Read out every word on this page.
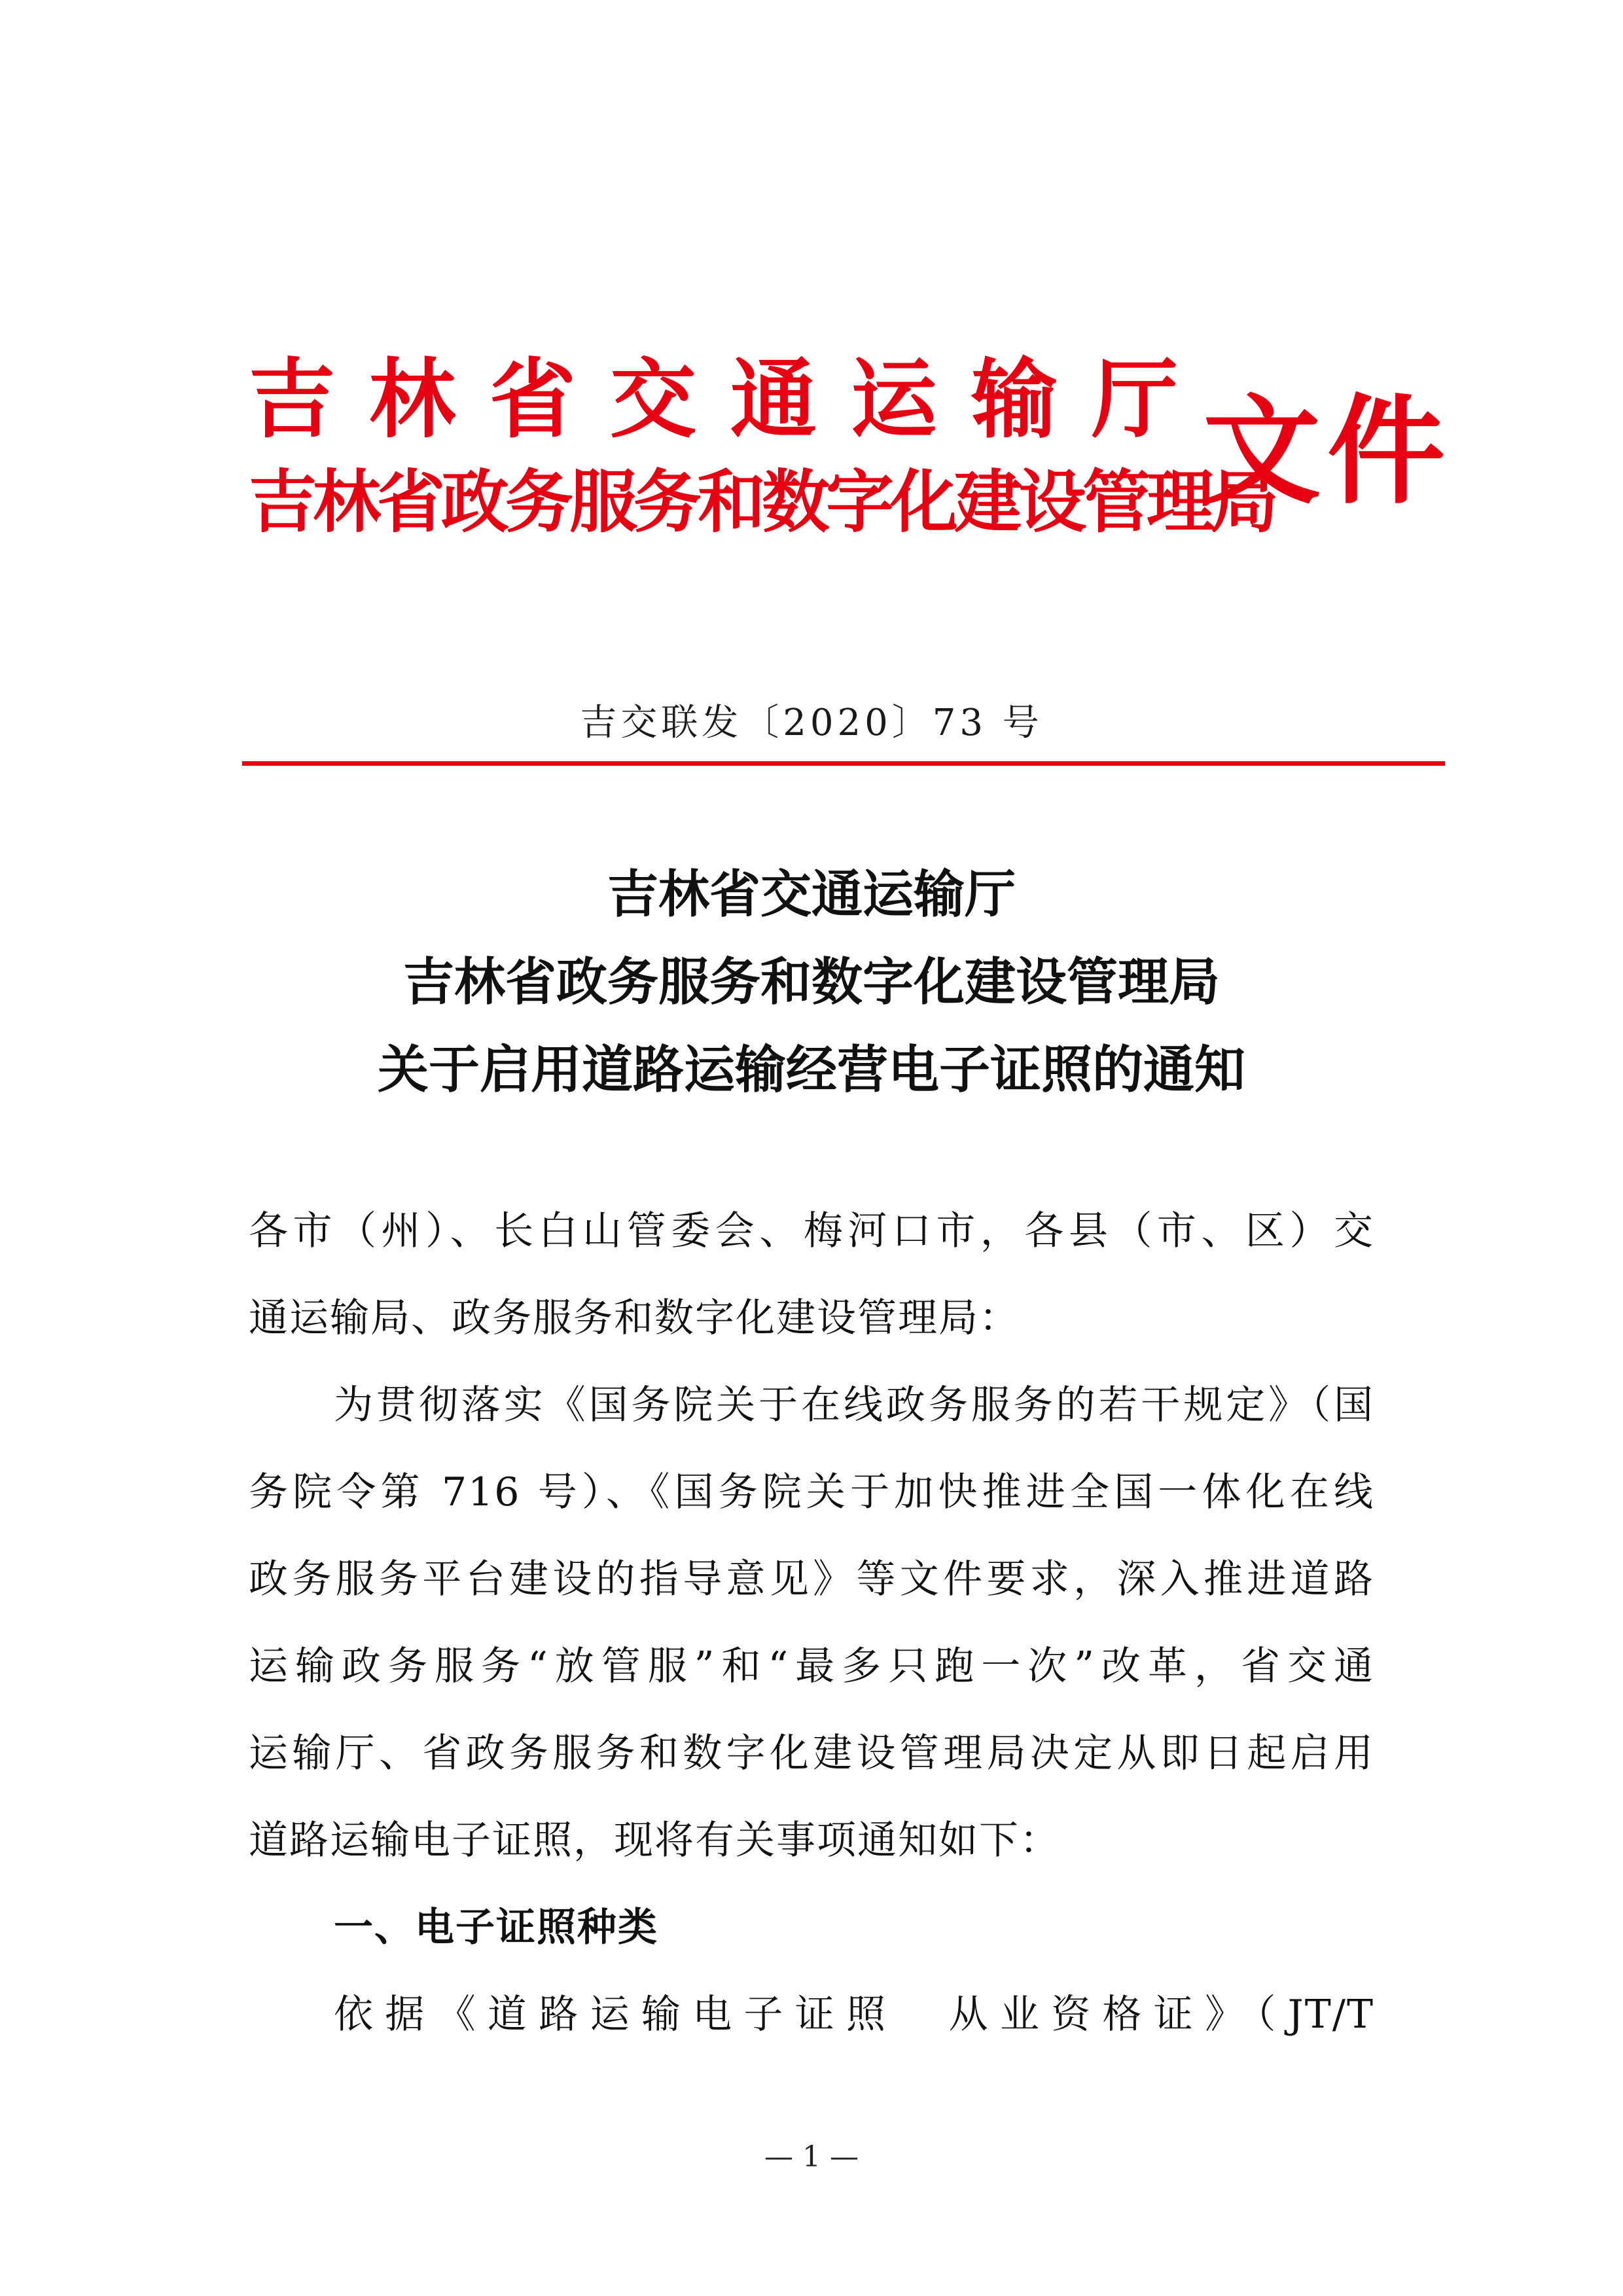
吉林省交通运输厅
吉林省政务服务和数字化建设管理局
文件
吉交联发〔2020〕73 号
吉林省交通运输厅
吉林省政务服务和数字化建设管理局
关于启用道路运输经营电子证照的通知
各市（州）、长白山管委会、梅河口市，各县（市、区）交
通运输局、政务服务和数字化建设管理局：
为贯彻落实《国务院关于在线政务服务的若干规定》（国
务院令第 716 号）、《国务院关于加快推进全国一体化在线
政务服务平台建设的指导意见》等文件要求，深入推进道路
运输政务服务“放管服”和“最多只跑一次”改革，省交通
运输厅、省政务服务和数字化建设管理局决定从即日起启用
道路运输电子证照，现将有关事项通知如下：
一、电子证照种类
依据《道路运输电子证照　从业资格证》（JT/T
— 1 —
